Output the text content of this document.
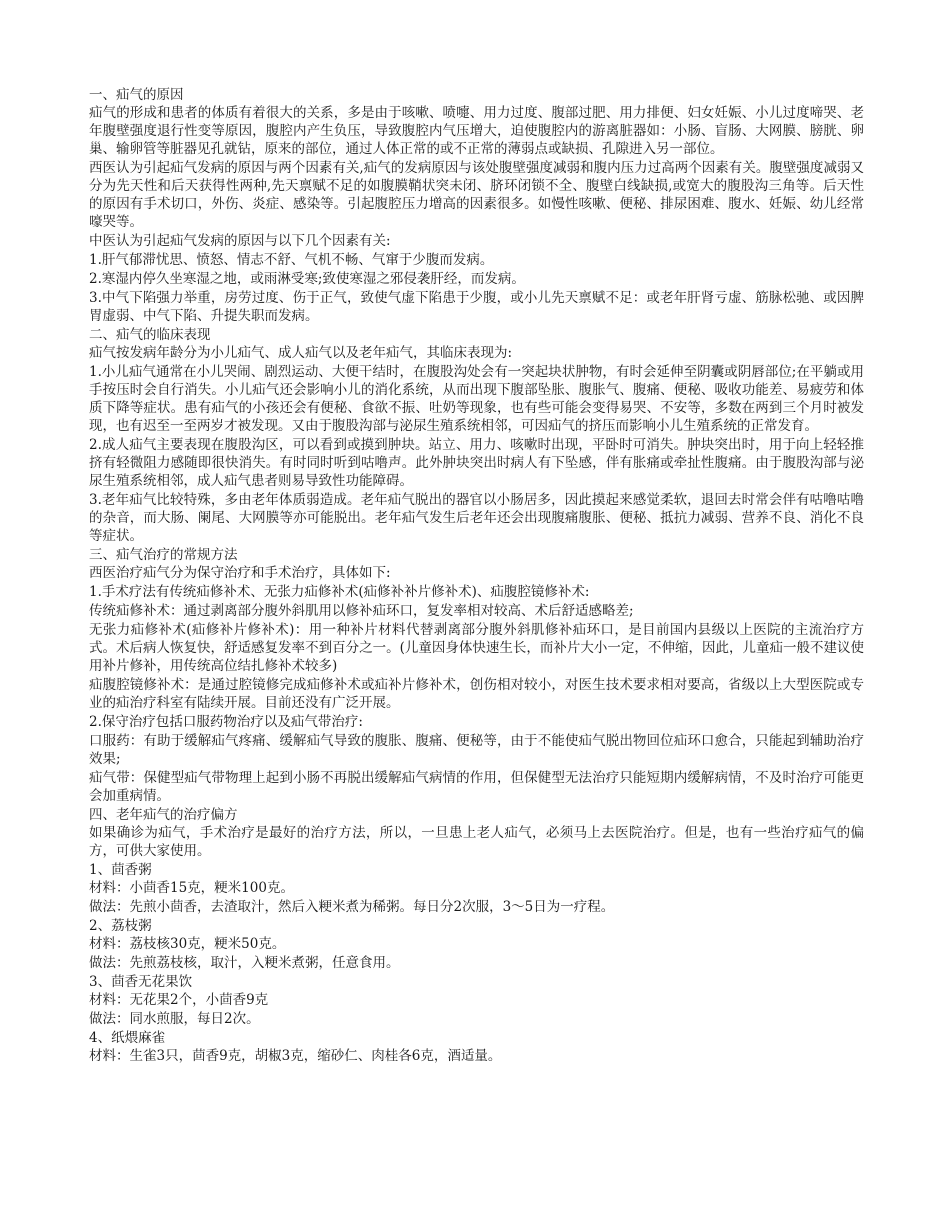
一、疝气的原因

疝气的形成和患者的体质有着很大的关系，多是由于咳嗽、喷嚏、用力过度、腹部过肥、用力排便、妇女妊娠、小儿过度啼哭、老年腹壁强度退行性变等原因，腹腔内产生负压，导致腹腔内气压增大，迫使腹腔内的游离脏器如：小肠、盲肠、大网膜、膀胱、卵巢、输卵管等脏器见孔就钻，原来的部位，通过人体正常的或不正常的薄弱点或缺损、孔隙进入另一部位。

西医认为引起疝气发病的原因与两个因素有关,疝气的发病原因与该处腹壁强度减弱和腹内压力过高两个因素有关。腹壁强度减弱又分为先天性和后天获得性两种,先天禀赋不足的如腹膜鞘状突未闭、脐环闭锁不全、腹壁白线缺损,或宽大的腹股沟三角等。后天性的原因有手术切口，外伤、炎症、感染等。引起腹腔压力增高的因素很多。如慢性咳嗽、便秘、排尿困难、腹水、妊娠、幼儿经常嚎哭等。

中医认为引起疝气发病的原因与以下几个因素有关:

1.肝气郁滞忧思、愤怒、情志不舒、气机不畅、气窜于少腹而发病。

2.寒湿内停久坐寒湿之地，或雨淋受寒;致使寒湿之邪侵袭肝经，而发病。

3.中气下陷强力举重，房劳过度、伤于正气，致使气虚下陷患于少腹，或小儿先天禀赋不足：或老年肝肾亏虚、筋脉松驰、或因脾胃虚弱、中气下陷、升提失职而发病。

二、疝气的临床表现

疝气按发病年龄分为小儿疝气、成人疝气以及老年疝气，其临床表现为:

1.小儿疝气通常在小儿哭闹、剧烈运动、大便干结时，在腹股沟处会有一突起块状肿物，有时会延伸至阴囊或阴唇部位;在平躺或用手按压时会自行消失。小儿疝气还会影响小儿的消化系统，从而出现下腹部坠胀、腹胀气、腹痛、便秘、吸收功能差、易疲劳和体质下降等症状。患有疝气的小孩还会有便秘、食欲不振、吐奶等现象，也有些可能会变得易哭、不安等，多数在两到三个月时被发现，也有迟至一至两岁才被发现。又由于腹股沟部与泌尿生殖系统相邻，可因疝气的挤压而影响小儿生殖系统的正常发育。

2.成人疝气主要表现在腹股沟区，可以看到或摸到肿块。站立、用力、咳嗽时出现，平卧时可消失。肿块突出时，用于向上轻轻推挤有轻微阻力感随即很快消失。有时同时听到咕噜声。此外肿块突出时病人有下坠感，伴有胀痛或牵扯性腹痛。由于腹股沟部与泌尿生殖系统相邻，成人疝气患者则易导致性功能障碍。

3.老年疝气比较特殊，多由老年体质弱造成。老年疝气脱出的器官以小肠居多，因此摸起来感觉柔软，退回去时常会伴有咕噜咕噜的杂音，而大肠、阑尾、大网膜等亦可能脱出。老年疝气发生后老年还会出现腹痛腹胀、便秘、抵抗力减弱、营养不良、消化不良等症状。

三、疝气治疗的常规方法

西医治疗疝气分为保守治疗和手术治疗，具体如下:

1.手术疗法有传统疝修补术、无张力疝修补术(疝修补补片修补术)、疝腹腔镜修补术:

传统疝修补术：通过剥离部分腹外斜肌用以修补疝环口，复发率相对较高、术后舒适感略差;

无张力疝修补术(疝修补片修补术)：用一种补片材料代替剥离部分腹外斜肌修补疝环口，是目前国内县级以上医院的主流治疗方式。术后病人恢复快，舒适感复发率不到百分之一。(儿童因身体快速生长，而补片大小一定，不伸缩，因此，儿童疝一般不建议使用补片修补，用传统高位结扎修补术较多)

疝腹腔镜修补术：是通过腔镜修完成疝修补术或疝补片修补术，创伤相对较小，对医生技术要求相对要高，省级以上大型医院或专业的疝治疗科室有陆续开展。目前还没有广泛开展。

2.保守治疗包括口服药物治疗以及疝气带治疗:

口服药：有助于缓解疝气疼痛、缓解疝气导致的腹胀、腹痛、便秘等，由于不能使疝气脱出物回位疝环口愈合，只能起到辅助治疗效果;

疝气带：保健型疝气带物理上起到小肠不再脱出缓解疝气病情的作用，但保健型无法治疗只能短期内缓解病情，不及时治疗可能更会加重病情。

四、老年疝气的治疗偏方

如果确诊为疝气，手术治疗是最好的治疗方法，所以，一旦患上老人疝气，必须马上去医院治疗。但是，也有一些治疗疝气的偏方，可供大家使用。

1、茴香粥

材料：小茴香15克，粳米100克。

做法：先煎小茴香，去渣取汁，然后入粳米煮为稀粥。每日分2次服，3～5日为一疗程。

2、荔枝粥

材料：荔枝核30克，粳米50克。

做法：先煎荔枝核，取汁，入粳米煮粥，任意食用。

3、茴香无花果饮

材料：无花果2个，小茴香9克

做法：同水煎服，每日2次。

4、纸煨麻雀

材料：生雀3只，茴香9克，胡椒3克，缩砂仁、肉桂各6克，酒适量。
